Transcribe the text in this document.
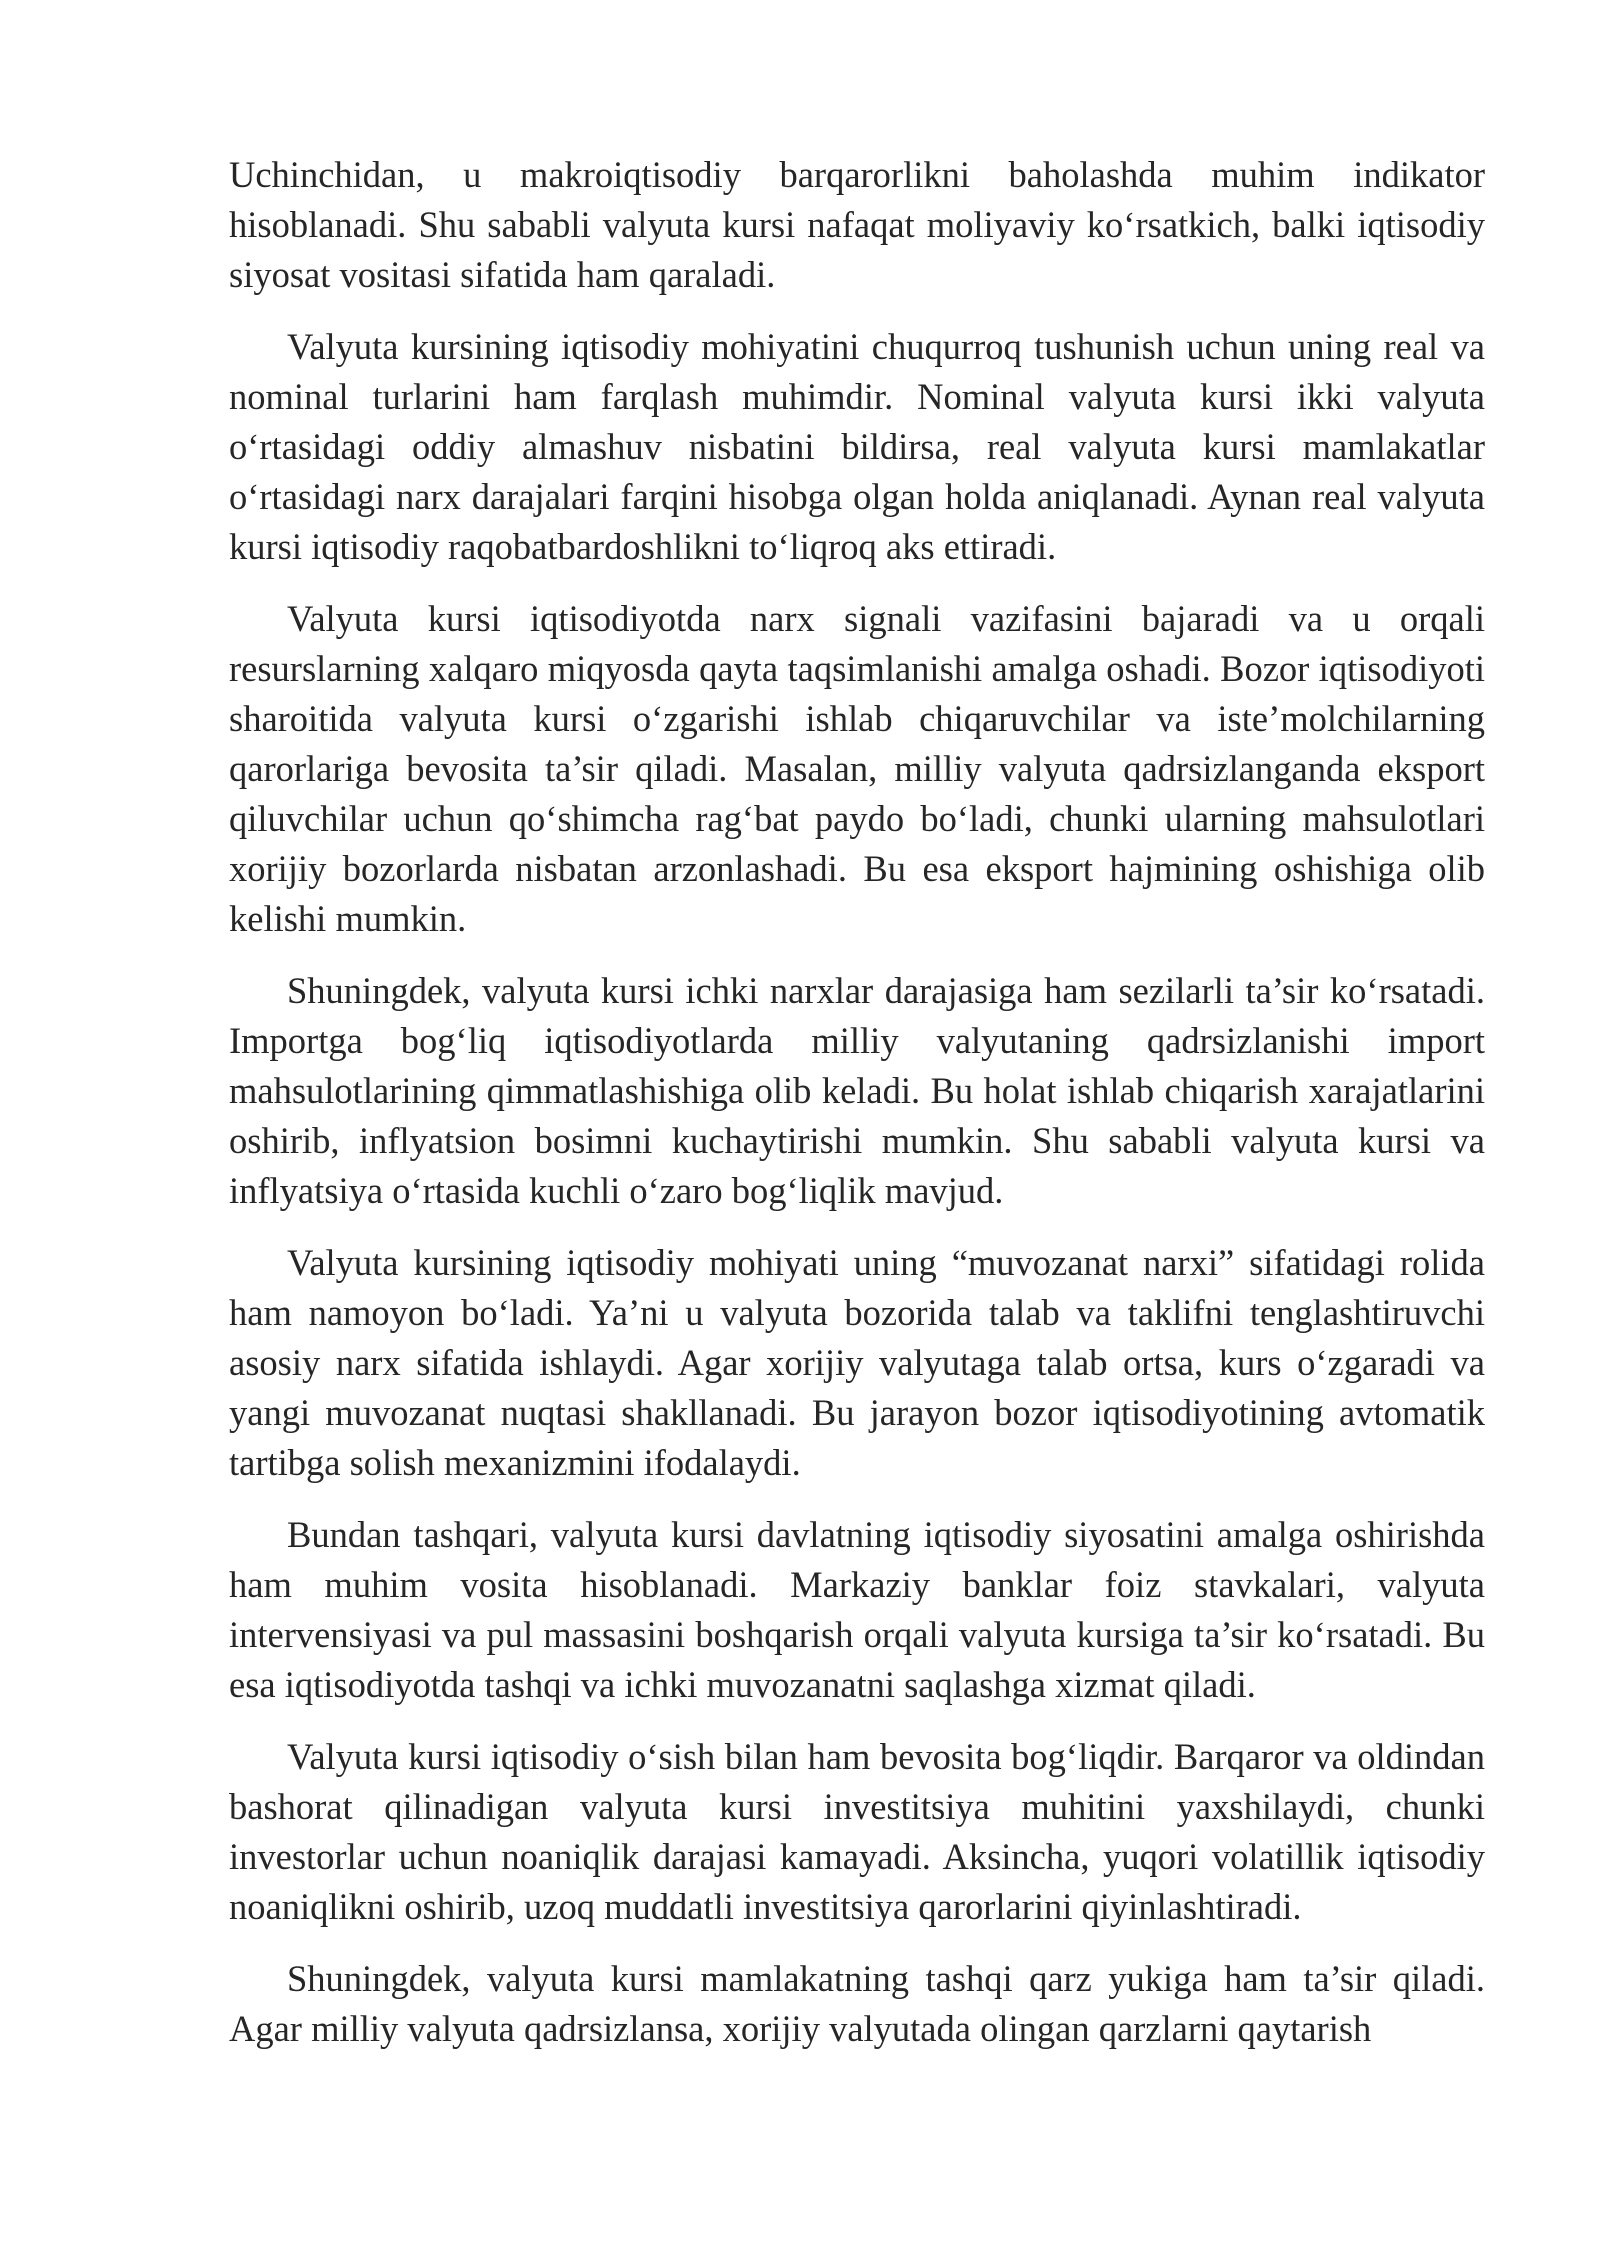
Uchinchidan, u makroiqtisodiy barqarorlikni baholashda muhim indikator hisoblanadi. Shu sababli valyuta kursi nafaqat moliyaviy ko‘rsatkich, balki iqtisodiy siyosat vositasi sifatida ham qaraladi.

Valyuta kursining iqtisodiy mohiyatini chuqurroq tushunish uchun uning real va nominal turlarini ham farqlash muhimdir. Nominal valyuta kursi ikki valyuta o‘rtasidagi oddiy almashuv nisbatini bildirsa, real valyuta kursi mamlakatlar o‘rtasidagi narx darajalari farqini hisobga olgan holda aniqlanadi. Aynan real valyuta kursi iqtisodiy raqobatbardoshlikni to‘liqroq aks ettiradi.

Valyuta kursi iqtisodiyotda narx signali vazifasini bajaradi va u orqali resurslarning xalqaro miqyosda qayta taqsimlanishi amalga oshadi. Bozor iqtisodiyoti sharoitida valyuta kursi o‘zgarishi ishlab chiqaruvchilar va iste’molchilarning qarorlariga bevosita ta’sir qiladi. Masalan, milliy valyuta qadrsizlanganda eksport qiluvchilar uchun qo‘shimcha rag‘bat paydo bo‘ladi, chunki ularning mahsulotlari xorijiy bozorlarda nisbatan arzonlashadi. Bu esa eksport hajmining oshishiga olib kelishi mumkin.

Shuningdek, valyuta kursi ichki narxlar darajasiga ham sezilarli ta’sir ko‘rsatadi. Importga bog‘liq iqtisodiyotlarda milliy valyutaning qadrsizlanishi import mahsulotlarining qimmatlashishiga olib keladi. Bu holat ishlab chiqarish xarajatlarini oshirib, inflyatsion bosimni kuchaytirishi mumkin. Shu sababli valyuta kursi va inflyatsiya o‘rtasida kuchli o‘zaro bog‘liqlik mavjud.

Valyuta kursining iqtisodiy mohiyati uning “muvozanat narxi” sifatidagi rolida ham namoyon bo‘ladi. Ya’ni u valyuta bozorida talab va taklifni tenglashtiruvchi asosiy narx sifatida ishlaydi. Agar xorijiy valyutaga talab ortsa, kurs o‘zgaradi va yangi muvozanat nuqtasi shakllanadi. Bu jarayon bozor iqtisodiyotining avtomatik tartibga solish mexanizmini ifodalaydi.

Bundan tashqari, valyuta kursi davlatning iqtisodiy siyosatini amalga oshirishda ham muhim vosita hisoblanadi. Markaziy banklar foiz stavkalari, valyuta intervensiyasi va pul massasini boshqarish orqali valyuta kursiga ta’sir ko‘rsatadi. Bu esa iqtisodiyotda tashqi va ichki muvozanatni saqlashga xizmat qiladi.

Valyuta kursi iqtisodiy o‘sish bilan ham bevosita bog‘liqdir. Barqaror va oldindan bashorat qilinadigan valyuta kursi investitsiya muhitini yaxshilaydi, chunki investorlar uchun noaniqlik darajasi kamayadi. Aksincha, yuqori volatillik iqtisodiy noaniqlikni oshirib, uzoq muddatli investitsiya qarorlarini qiyinlashtiradi.

Shuningdek, valyuta kursi mamlakatning tashqi qarz yukiga ham ta’sir qiladi. Agar milliy valyuta qadrsizlansa, xorijiy valyutada olingan qarzlarni qaytarish
